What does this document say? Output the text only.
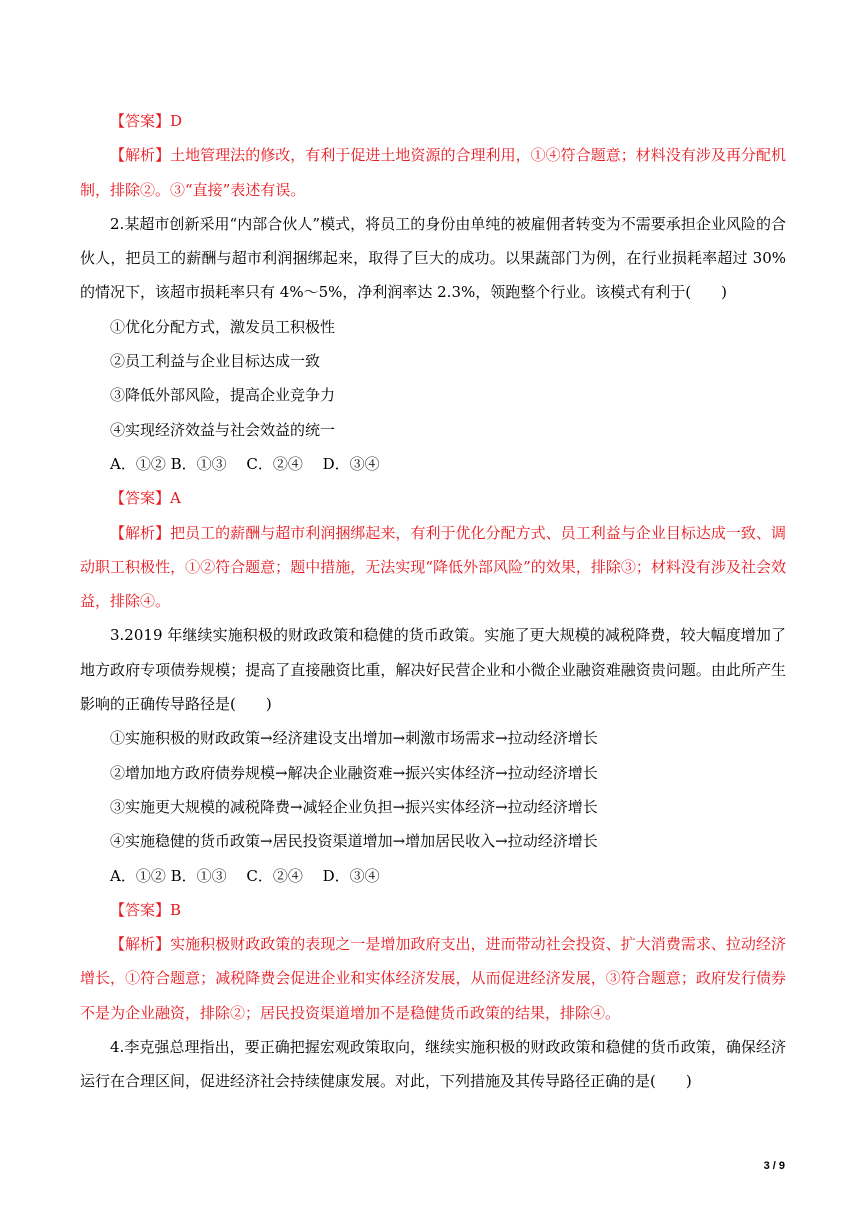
【答案】D
【解析】土地管理法的修改，有利于促进土地资源的合理利用，①④符合题意；材料没有涉及再分配机制，排除②。③“直接”表述有误。
2.某超市创新采用“内部合伙人”模式，将员工的身份由单纯的被雇佣者转变为不需要承担企业风险的合伙人，把员工的薪酬与超市利润捆绑起来，取得了巨大的成功。以果蔬部门为例，在行业损耗率超过 30%的情况下，该超市损耗率只有 4%～5%，净利润率达 2.3%，领跑整个行业。该模式有利于(　　)
①优化分配方式，激发员工积极性
②员工利益与企业目标达成一致
③降低外部风险，提高企业竞争力
④实现经济效益与社会效益的统一
A．①② B．①③　 C．②④　 D．③④
【答案】A
【解析】把员工的薪酬与超市利润捆绑起来，有利于优化分配方式、员工利益与企业目标达成一致、调动职工积极性，①②符合题意；题中措施，无法实现“降低外部风险”的效果，排除③；材料没有涉及社会效益，排除④。
3.2019 年继续实施积极的财政政策和稳健的货币政策。实施了更大规模的减税降费，较大幅度增加了地方政府专项债券规模；提高了直接融资比重，解决好民营企业和小微企业融资难融资贵问题。由此所产生影响的正确传导路径是(　　)
①实施积极的财政政策→经济建设支出增加→刺激市场需求→拉动经济增长
②增加地方政府债券规模→解决企业融资难→振兴实体经济→拉动经济增长
③实施更大规模的减税降费→减轻企业负担→振兴实体经济→拉动经济增长
④实施稳健的货币政策→居民投资渠道增加→增加居民收入→拉动经济增长
A．①② B．①③　 C．②④　 D．③④
【答案】B
【解析】实施积极财政政策的表现之一是增加政府支出，进而带动社会投资、扩大消费需求、拉动经济增长，①符合题意；减税降费会促进企业和实体经济发展，从而促进经济发展，③符合题意；政府发行债券不是为企业融资，排除②；居民投资渠道增加不是稳健货币政策的结果，排除④。
4.李克强总理指出，要正确把握宏观政策取向，继续实施积极的财政政策和稳健的货币政策，确保经济运行在合理区间，促进经济社会持续健康发展。对此，下列措施及其传导路径正确的是(　　)
3 / 9
